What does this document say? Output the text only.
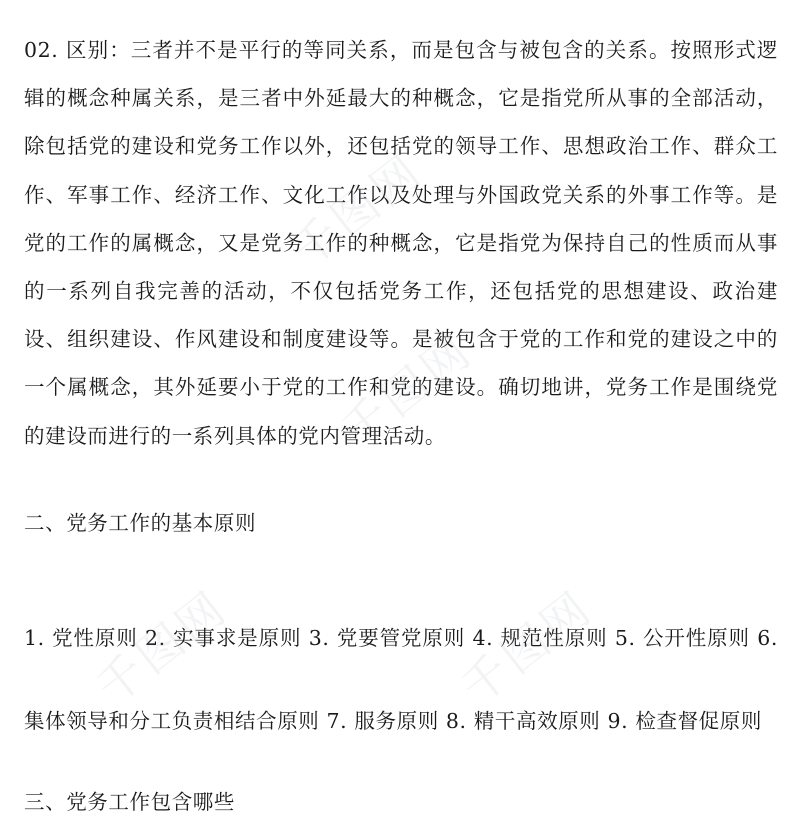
02. 区别：三者并不是平行的等同关系，而是包含与被包含的关系。按照形式逻辑的概念种属关系，是三者中外延最大的种概念，它是指党所从事的全部活动，除包括党的建设和党务工作以外，还包括党的领导工作、思想政治工作、群众工作、军事工作、经济工作、文化工作以及处理与外国政党关系的外事工作等。是党的工作的属概念，又是党务工作的种概念，它是指党为保持自己的性质而从事的一系列自我完善的活动，不仅包括党务工作，还包括党的思想建设、政治建设、组织建设、作风建设和制度建设等。是被包含于党的工作和党的建设之中的一个属概念，其外延要小于党的工作和党的建设。确切地讲，党务工作是围绕党的建设而进行的一系列具体的党内管理活动。

二、党务工作的基本原则

1. 党性原则 2. 实事求是原则 3. 党要管党原则 4. 规范性原则 5. 公开性原则 6. 集体领导和分工负责相结合原则 7. 服务原则 8. 精干高效原则 9. 检查督促原则

三、党务工作包含哪些

千图网
千图网
千图网	千图网
